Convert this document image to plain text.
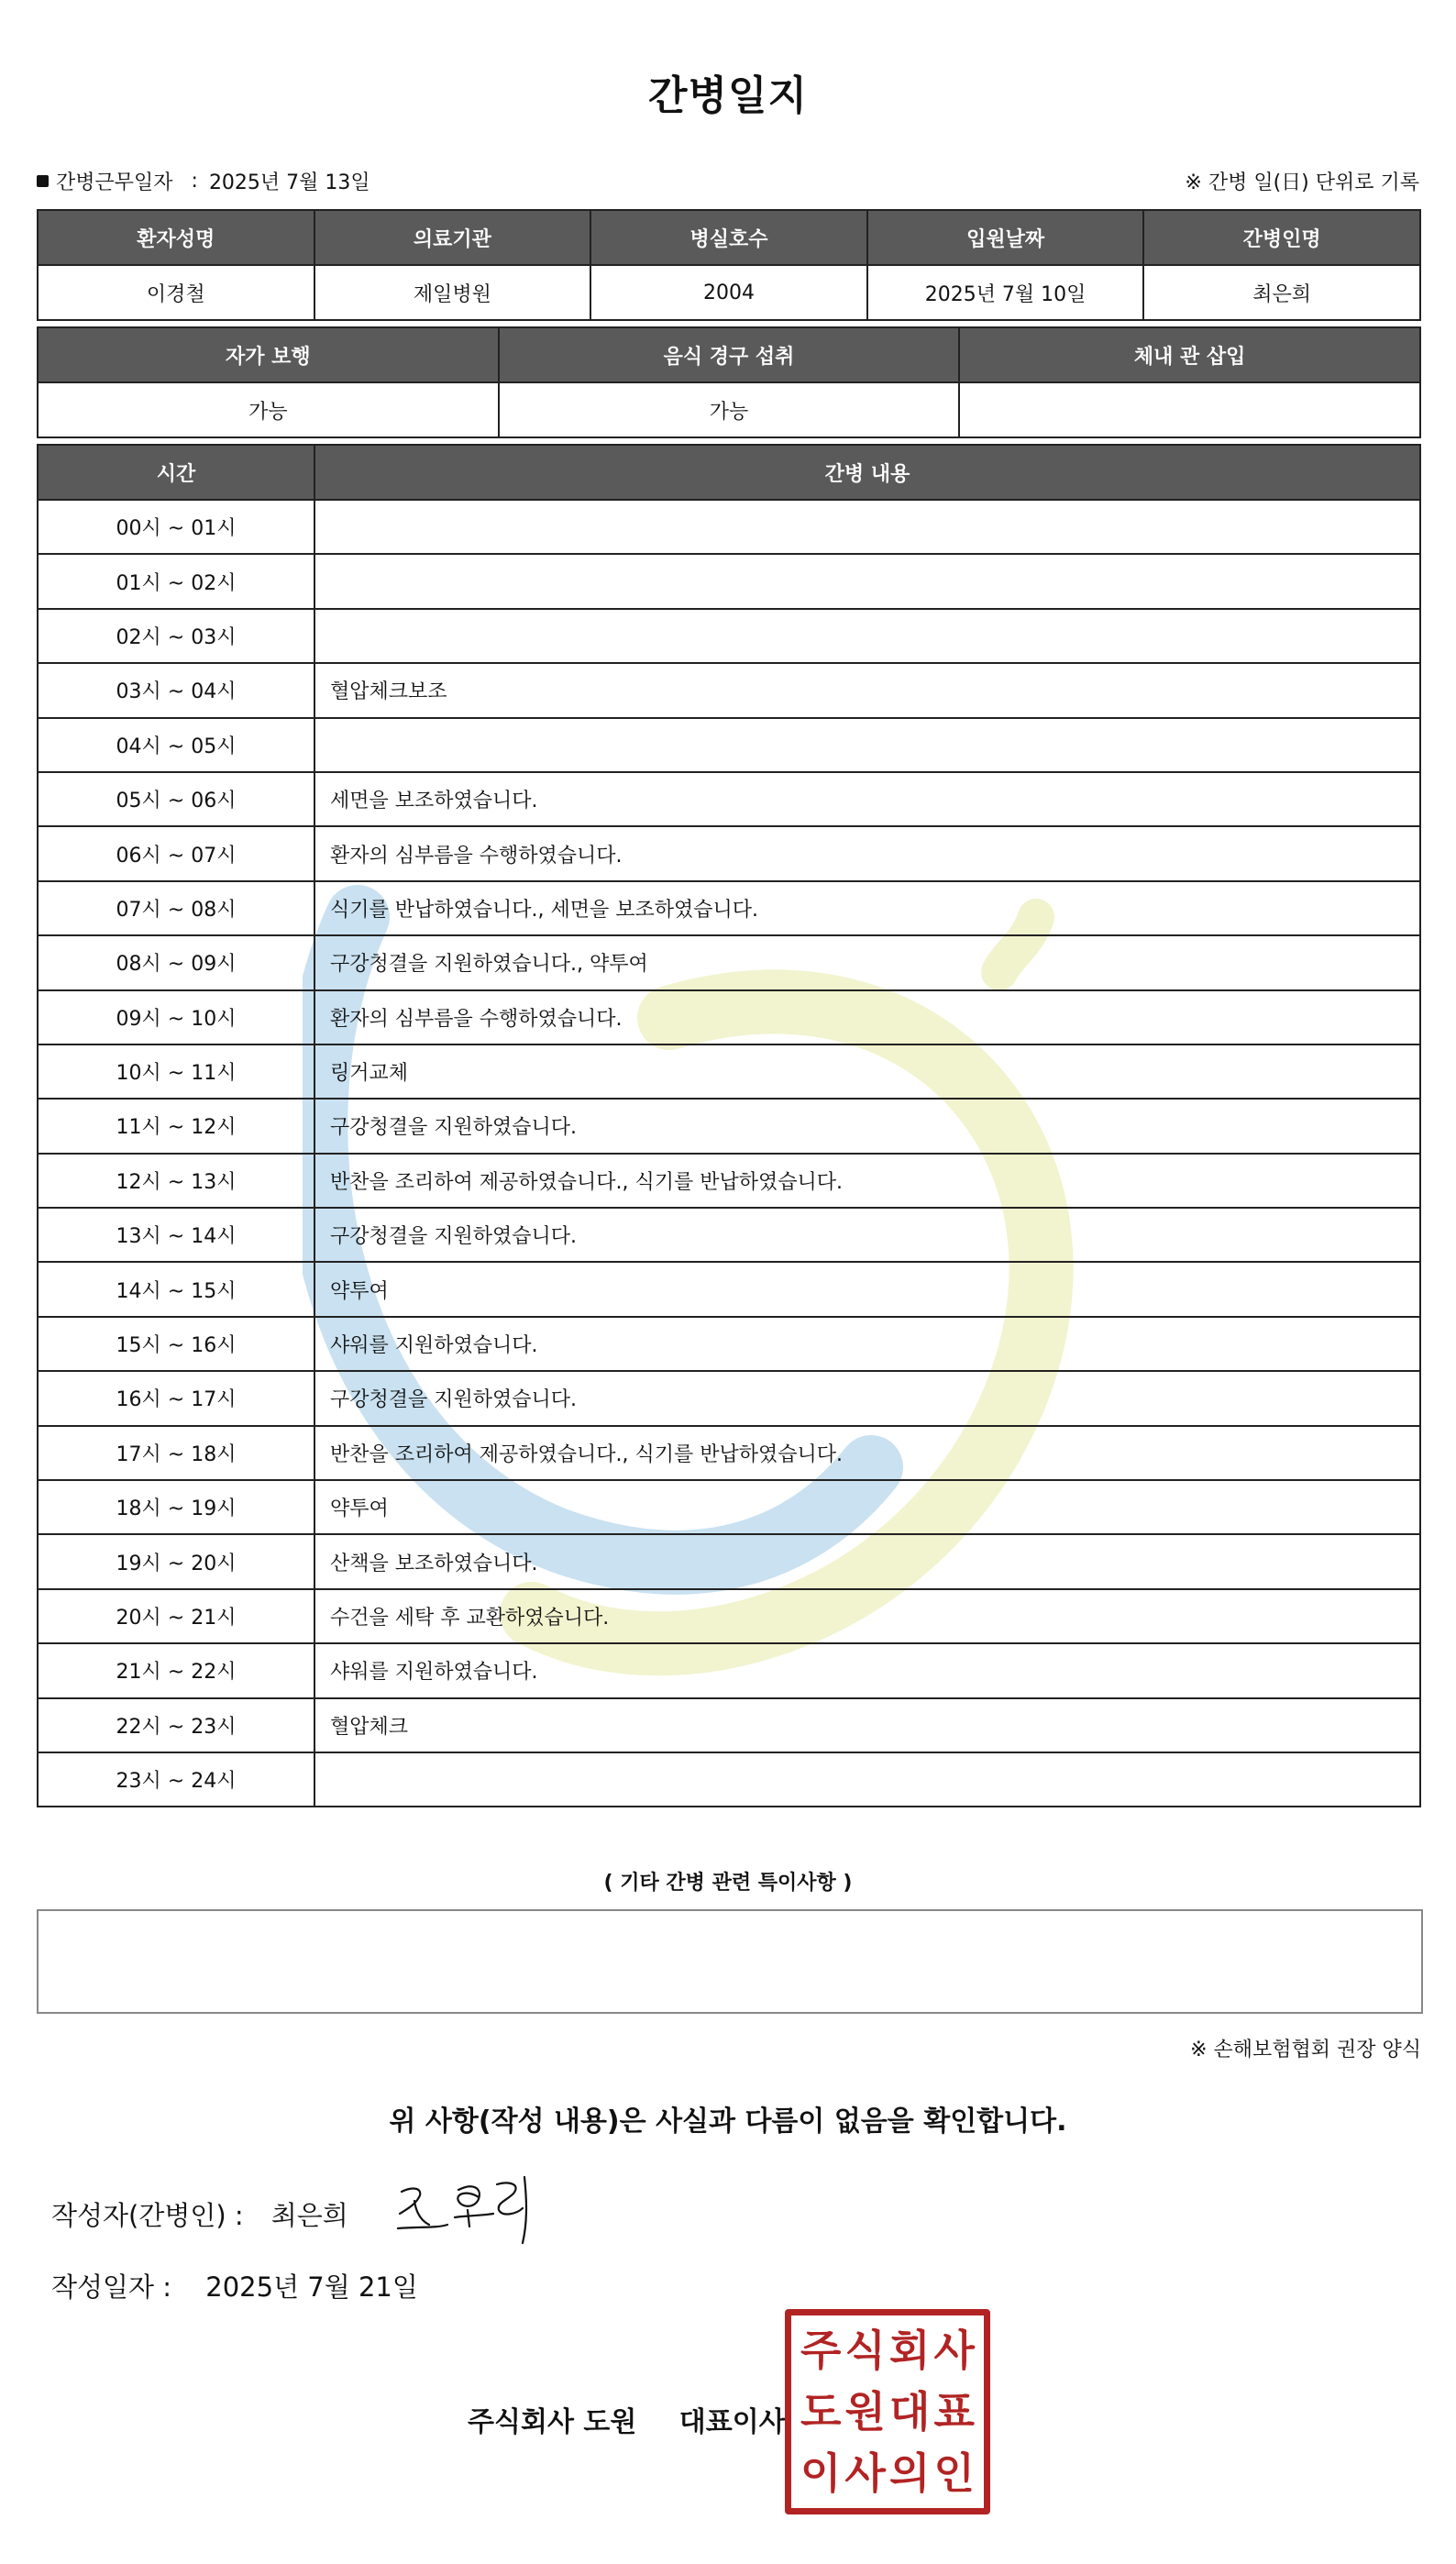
간병일지
간병근무일자 : 2025년 7월 13일	※ 간병 일(日) 단위로 기록
환자성명	의료기관	병실호수	입원날짜	간병인명
이경철	제일병원	2004	2025년 7월 10일	최은희
자가 보행	음식 경구 섭취	체내 관 삽입
가능	가능	
시간	간병 내용
00시 ~ 01시	
01시 ~ 02시	
02시 ~ 03시	
03시 ~ 04시	혈압체크보조
04시 ~ 05시	
05시 ~ 06시	세면을 보조하였습니다.
06시 ~ 07시	환자의 심부름을 수행하였습니다.
07시 ~ 08시	식기를 반납하였습니다., 세면을 보조하였습니다.
08시 ~ 09시	구강청결을 지원하였습니다., 약투여
09시 ~ 10시	환자의 심부름을 수행하였습니다.
10시 ~ 11시	링거교체
11시 ~ 12시	구강청결을 지원하였습니다.
12시 ~ 13시	반찬을 조리하여 제공하였습니다., 식기를 반납하였습니다.
13시 ~ 14시	구강청결을 지원하였습니다.
14시 ~ 15시	약투여
15시 ~ 16시	샤워를 지원하였습니다.
16시 ~ 17시	구강청결을 지원하였습니다.
17시 ~ 18시	반찬을 조리하여 제공하였습니다., 식기를 반납하였습니다.
18시 ~ 19시	약투여
19시 ~ 20시	산책을 보조하였습니다.
20시 ~ 21시	수건을 세탁 후 교환하였습니다.
21시 ~ 22시	샤워를 지원하였습니다.
22시 ~ 23시	혈압체크
23시 ~ 24시	
( 기타 간병 관련 특이사항 )
※ 손해보험협회 권장 양식
위 사항(작성 내용)은 사실과 다름이 없음을 확인합니다.
작성자(간병인) : 최은희
작성일자 : 2025년 7월 21일
주식회사 도원 대표이사
주 식 회 사
도 원 대 표
이 사 의 인
